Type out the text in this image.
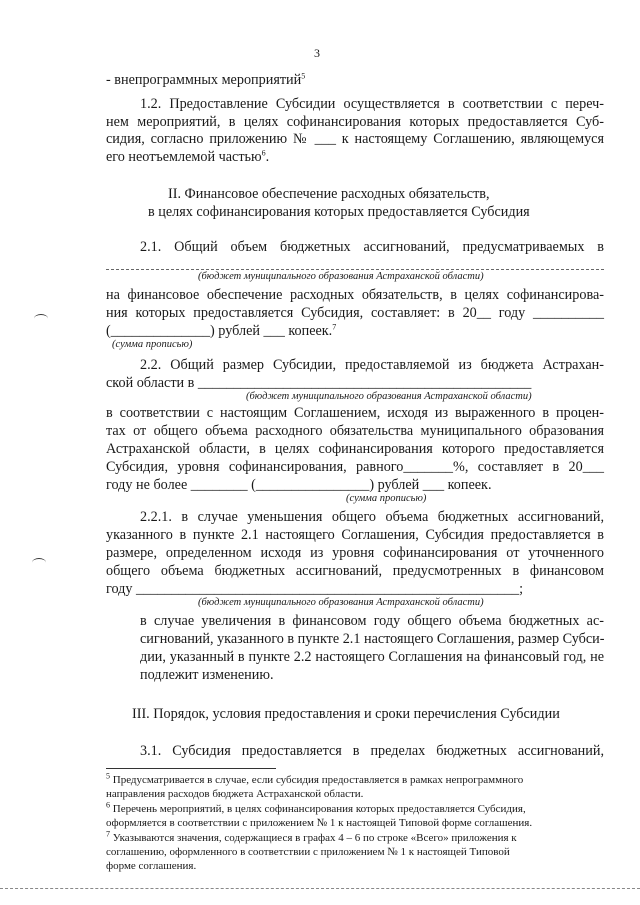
3
- внепрограммных мероприятий$^5$
1.2. Предоставление Субсидии осуществляется в соответствии с переч-
нем мероприятий, в целях софинансирования которых предоставляется Суб-
сидия, согласно приложению № ___ к настоящему Соглашению, являющемуся
его неотъемлемой частью$^6$.
II. Финансовое обеспечение расходных обязательств,
в целях софинансирования которых предоставляется Субсидия
2.1. Общий объем бюджетных ассигнований, предусматриваемых в
(бюджет муниципального образования Астраханской области)
на финансовое обеспечение расходных обязательств, в целях софинансирова-
ния которых предоставляется Субсидия, составляет: в 20__ году __________
(______________) рублей ___ копеек.$^7$
(сумма прописью)
2.2. Общий размер Субсидии, предоставляемой из бюджета Астрахан-
ской области в _______________________________________________
(бюджет муниципального образования Астраханской области)
в соответствии с настоящим Соглашением, исходя из выраженного в процен-
тах от общего объема расходного обязательства муниципального образования
Астраханской области, в целях софинансирования которого предоставляется
Субсидия, уровня софинансирования, равного_______%, составляет в 20___
году не более ________ (________________) рублей ___ копеек.
(сумма прописью)
2.2.1. в случае уменьшения общего объема бюджетных ассигнований,
указанного в пункте 2.1 настоящего Соглашения, Субсидия предоставляется в
размере, определенном исходя из уровня софинансирования от уточненного
общего объема бюджетных ассигнований, предусмотренных в финансовом
году ______________________________________________________;
(бюджет муниципального образования Астраханской области)
в случае увеличения в финансовом году общего объема бюджетных ас-
сигнований, указанного в пункте 2.1 настоящего Соглашения, размер Субси-
дии, указанный в пункте 2.2 настоящего Соглашения на финансовый год, не
подлежит изменению.
III. Порядок, условия предоставления и сроки перечисления Субсидии
3.1. Субсидия предоставляется в пределах бюджетных ассигнований,
$^5$ Предусматривается в случае, если субсидия предоставляется в рамках непрограммного
направления расходов бюджета Астраханской области.
$^6$ Перечень мероприятий, в целях софинансирования которых предоставляется Субсидия,
оформляется в соответствии с приложением № 1 к настоящей Типовой форме соглашения.
$^7$ Указываются значения, содержащиеся в графах 4 – 6 по строке «Всего» приложения к
соглашению, оформленного в соответствии с приложением № 1 к настоящей Типовой
форме соглашения.
